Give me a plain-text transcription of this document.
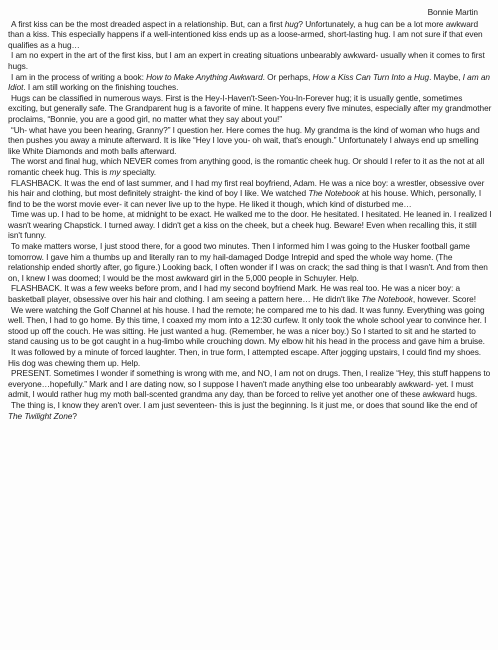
Bonnie Martin

A first kiss can be the most dreaded aspect in a relationship. But, can a first hug? Unfortunately, a hug can be a lot more awkward than a kiss. This especially happens if a well-intentioned kiss ends up as a loose-armed, short-lasting hug. I am not sure if that even qualifies as a hug…

I am no expert in the art of the first kiss, but I am an expert in creating situations unbearably awkward- usually when it comes to first hugs.

I am in the process of writing a book: How to Make Anything Awkward. Or perhaps, How a Kiss Can Turn Into a Hug. Maybe, I am an Idiot. I am still working on the finishing touches.

Hugs can be classified in numerous ways. First is the Hey-I-Haven't-Seen-You-In-Forever hug; it is usually gentle, sometimes exciting, but generally safe. The Grandparent hug is a favorite of mine. It happens every five minutes, especially after my grandmother proclaims, “Bonnie, you are a good girl, no matter what they say about you!”

“Uh- what have you been hearing, Granny?” I question her. Here comes the hug. My grandma is the kind of woman who hugs and then pushes you away a minute afterward. It is like “Hey I love you- oh wait, that's enough.” Unfortunately I always end up smelling like White Diamonds and moth balls afterward.

The worst and final hug, which NEVER comes from anything good, is the romantic cheek hug. Or should I refer to it as the not at all romantic cheek hug. This is my specialty.

FLASHBACK. It was the end of last summer, and I had my first real boyfriend, Adam. He was a nice boy: a wrestler, obsessive over his hair and clothing, but most definitely straight- the kind of boy I like. We watched The Notebook at his house. Which, personally, I find to be the worst movie ever- it can never live up to the hype. He liked it though, which kind of disturbed me…

Time was up. I had to be home, at midnight to be exact. He walked me to the door. He hesitated. I hesitated. He leaned in. I realized I wasn't wearing Chapstick. I turned away. I didn't get a kiss on the cheek, but a cheek hug. Beware! Even when recalling this, it still isn't funny.

To make matters worse, I just stood there, for a good two minutes. Then I informed him I was going to the Husker football game tomorrow. I gave him a thumbs up and literally ran to my hail-damaged Dodge Intrepid and sped the whole way home. (The relationship ended shortly after, go figure.) Looking back, I often wonder if I was on crack; the sad thing is that I wasn't. And from then on, I knew I was doomed; I would be the most awkward girl in the 5,000 people in Schuyler. Help.

FLASHBACK. It was a few weeks before prom, and I had my second boyfriend Mark. He was real too. He was a nicer boy: a basketball player, obsessive over his hair and clothing. I am seeing a pattern here… He didn't like The Notebook, however. Score!

We were watching the Golf Channel at his house. I had the remote; he compared me to his dad. It was funny. Everything was going well. Then, I had to go home. By this time, I coaxed my mom into a 12:30 curfew. It only took the whole school year to convince her. I stood up off the couch. He was sitting. He just wanted a hug. (Remember, he was a nicer boy.) So I started to sit and he started to stand causing us to be got caught in a hug-limbo while crouching down. My elbow hit his head in the process and gave him a bruise.

It was followed by a minute of forced laughter. Then, in true form, I attempted escape. After jogging upstairs, I could find my shoes. His dog was chewing them up. Help.

PRESENT. Sometimes I wonder if something is wrong with me, and NO, I am not on drugs. Then, I realize “Hey, this stuff happens to everyone…hopefully.” Mark and I are dating now, so I suppose I haven't made anything else too unbearably awkward- yet. I must admit, I would rather hug my moth ball-scented grandma any day, than be forced to relive yet another one of these awkward hugs.

The thing is, I know they aren't over. I am just seventeen- this is just the beginning. Is it just me, or does that sound like the end of The Twilight Zone?
